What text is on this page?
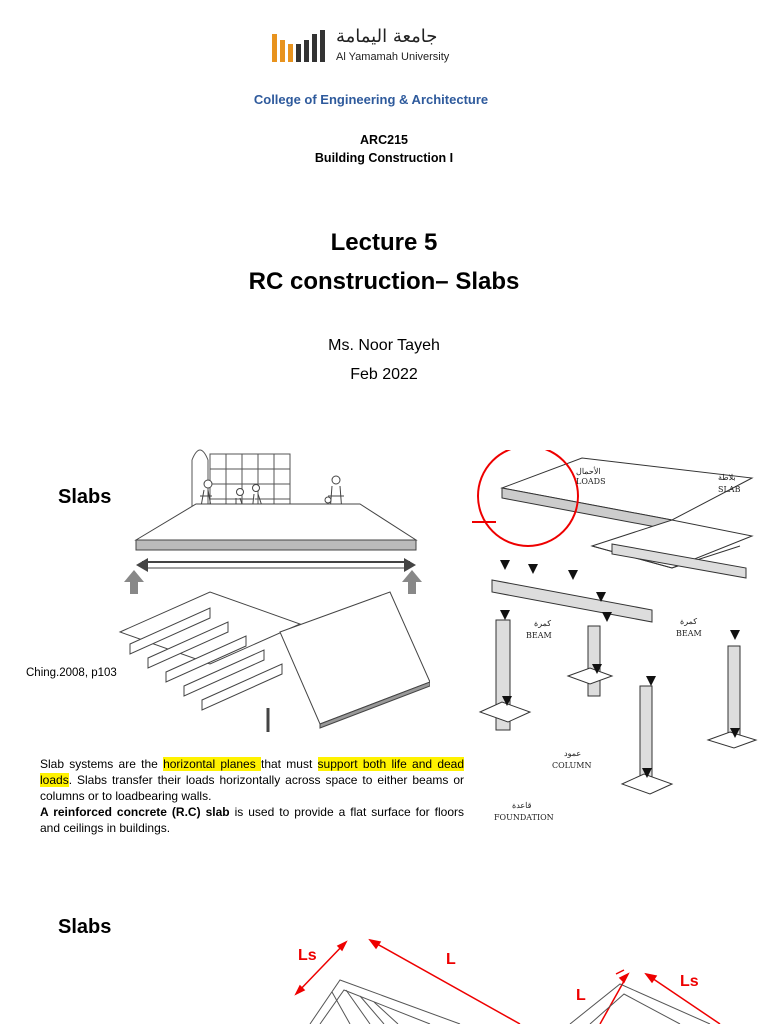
جامعة اليمامة
Al Yamamah University
College of Engineering & Architecture
ARC215
Building Construction I
Lecture 5
RC construction– Slabs
Ms. Noor Tayeh
Feb 2022
Slabs
Ching.2008, p103
الأحمال
LOADS	بلاطة
SLAB
كمرة
BEAM
كمرة
BEAM
عمود
COLUMN
قاعدة
FOUNDATION
Slab systems are the horizontal planes that must support both life and dead loads. Slabs transfer their loads horizontally across space to either beams or columns or to loadbearing walls.
A reinforced concrete (R.C) slab is used to provide a flat surface for floors and ceilings in buildings.
Slabs
Ls	L
L
Ls
